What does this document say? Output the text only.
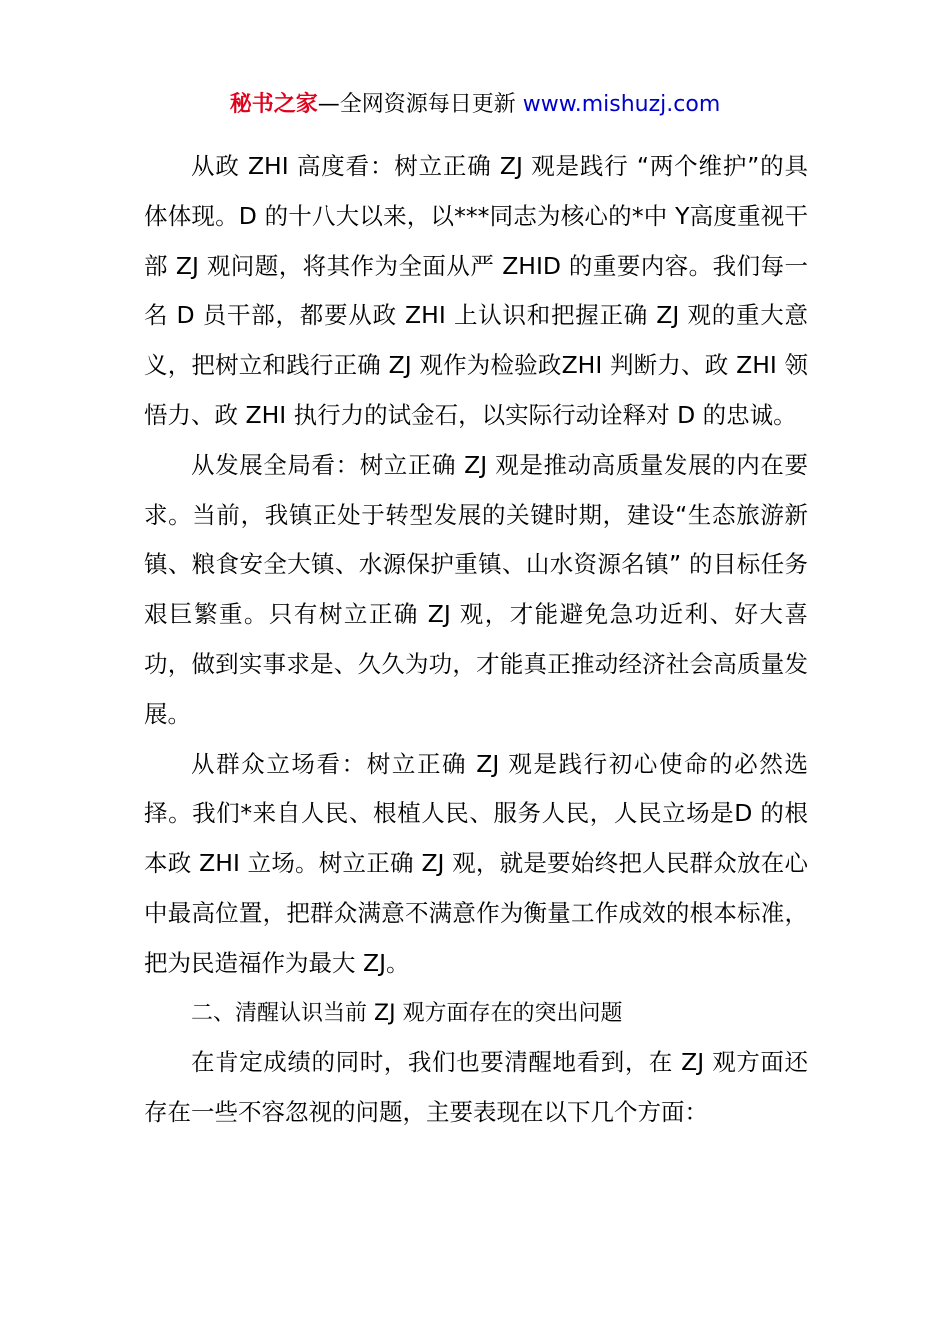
秘书之家—全网资源每日更新 www.mishuzj.com

从政 ZHI 高度看：树立正确 ZJ 观是践行 “两个维护”的具体体现。D 的十八大以来，以***同志为核心的*中 Y高度重视干部 ZJ 观问题，将其作为全面从严 ZHID 的重要内容。我们每一名 D 员干部，都要从政 ZHI 上认识和把握正确 ZJ 观的重大意义，把树立和践行正确 ZJ 观作为检验政ZHI 判断力、政 ZHI 领悟力、政 ZHI 执行力的试金石，以实际行动诠释对 D 的忠诚。

从发展全局看：树立正确 ZJ 观是推动高质量发展的内在要求。当前，我镇正处于转型发展的关键时期，建设“生态旅游新镇、粮食安全大镇、水源保护重镇、山水资源名镇” 的目标任务艰巨繁重。只有树立正确 ZJ 观，才能避免急功近利、好大喜功，做到实事求是、久久为功，才能真正推动经济社会高质量发展。

从群众立场看：树立正确 ZJ 观是践行初心使命的必然选择。我们*来自人民、根植人民、服务人民，人民立场是D 的根本政 ZHI 立场。树立正确 ZJ 观，就是要始终把人民群众放在心中最高位置，把群众满意不满意作为衡量工作成效的根本标准，把为民造福作为最大 ZJ。

二、清醒认识当前 ZJ 观方面存在的突出问题

在肯定成绩的同时，我们也要清醒地看到，在 ZJ 观方面还存在一些不容忽视的问题，主要表现在以下几个方面：
